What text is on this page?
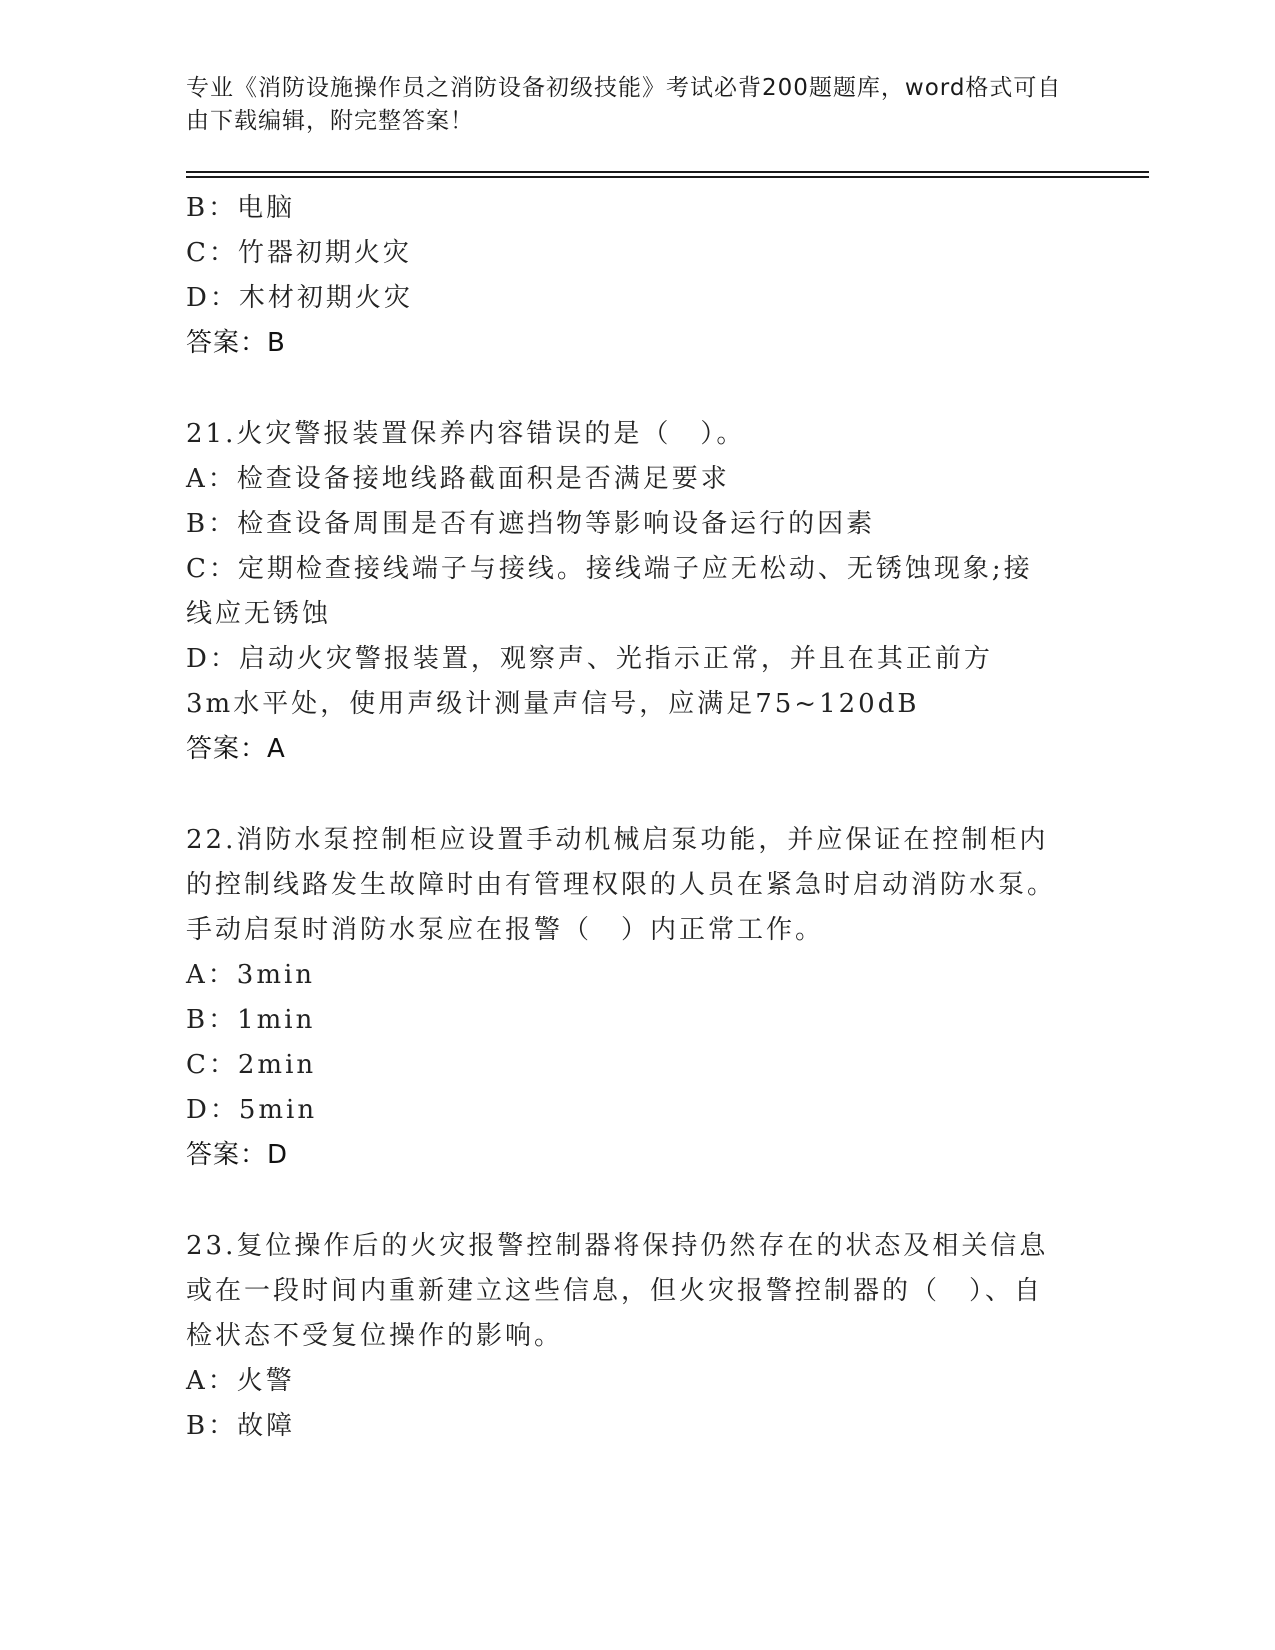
专业《消防设施操作员之消防设备初级技能》考试必背200题题库，word格式可自由下载编辑，附完整答案！
B：电脑
C：竹器初期火灾
D：木材初期火灾
答案：B
21.火灾警报装置保养内容错误的是（　）。
A：检查设备接地线路截面积是否满足要求
B：检查设备周围是否有遮挡物等影响设备运行的因素
C：定期检查接线端子与接线。接线端子应无松动、无锈蚀现象;接线应无锈蚀
D：启动火灾警报装置，观察声、光指示正常，并且在其正前方3m水平处，使用声级计测量声信号，应满足75~120dB
答案：A
22.消防水泵控制柜应设置手动机械启泵功能，并应保证在控制柜内的控制线路发生故障时由有管理权限的人员在紧急时启动消防水泵。手动启泵时消防水泵应在报警（　）内正常工作。
A：3min
B：1min
C：2min
D：5min
答案：D
23.复位操作后的火灾报警控制器将保持仍然存在的状态及相关信息或在一段时间内重新建立这些信息，但火灾报警控制器的（　）、自检状态不受复位操作的影响。
A：火警
B：故障
